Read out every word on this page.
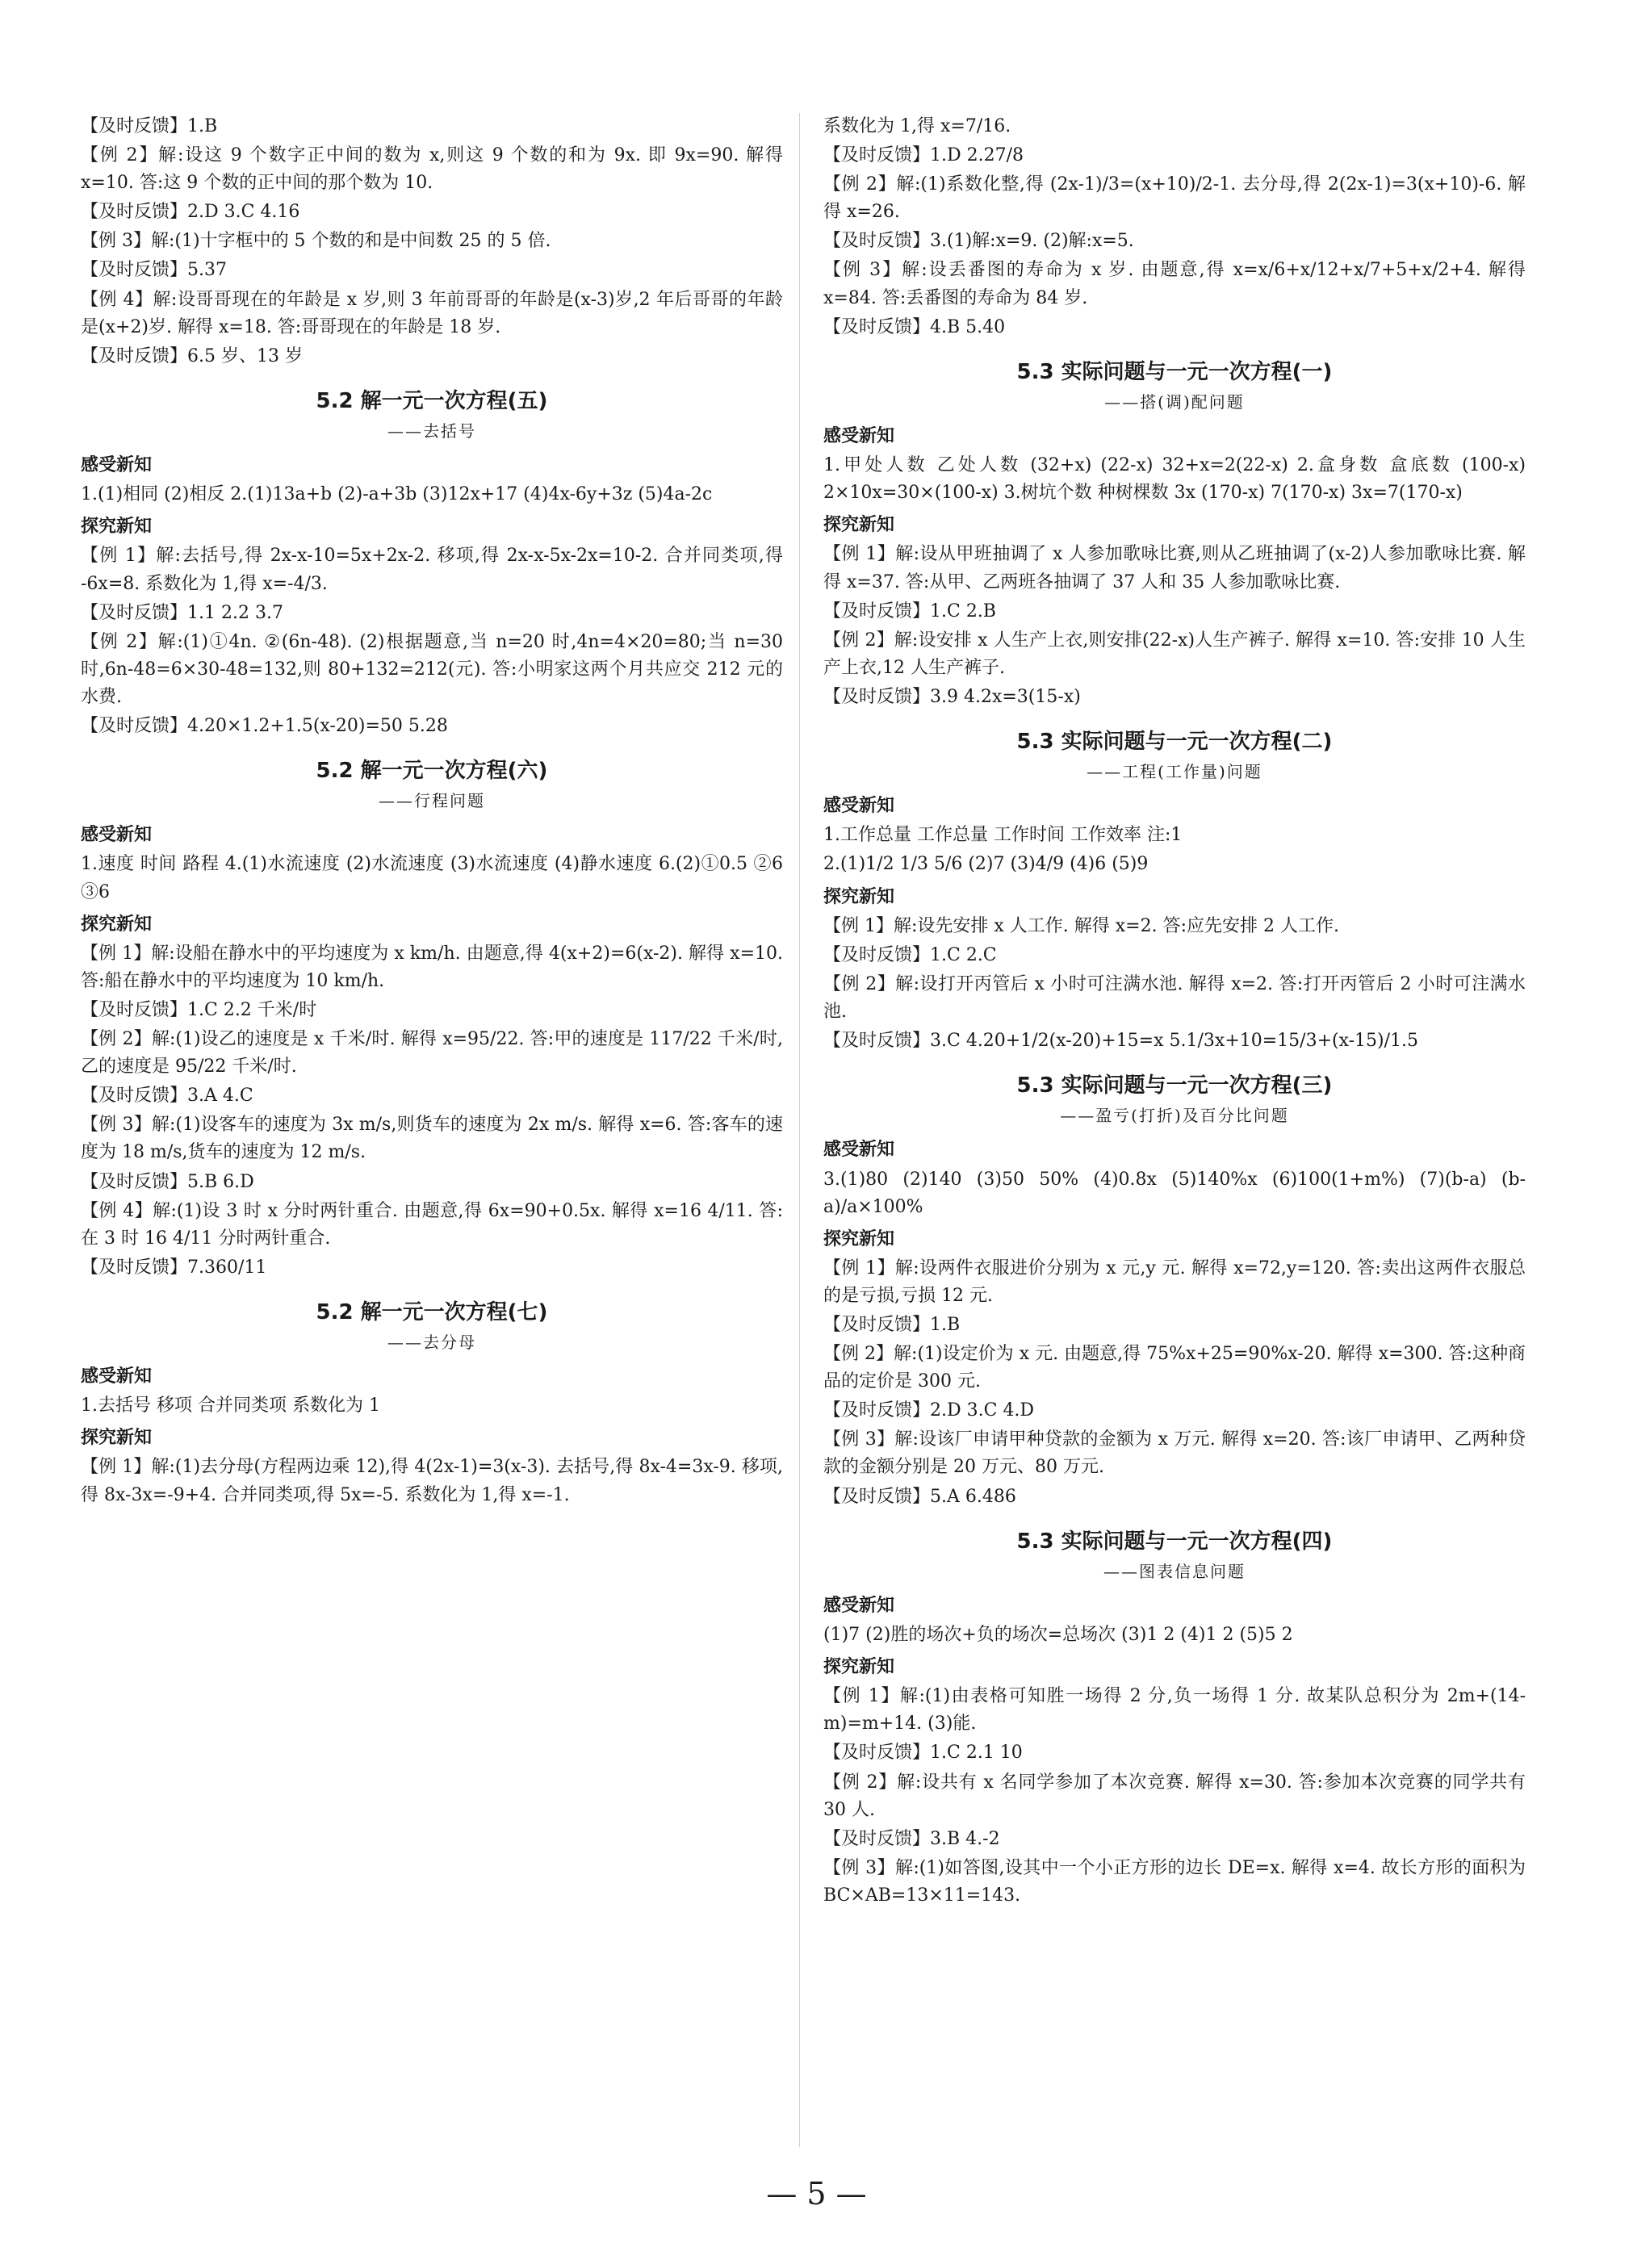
【及时反馈】1.B
【例 2】解:设这 9 个数字正中间的数为 x,则这 9 个数的和为 9x. 即 9x=90. 解得 x=10. 答:这 9 个数的正中间的那个数为 10.
【及时反馈】2.D 3.C 4.16
【例 3】解:(1)十字框中的 5 个数的和是中间数 25 的 5 倍.
【及时反馈】5.37
【例 4】解:设哥哥现在的年龄是 x 岁,则 3 年前哥哥的年龄是(x-3)岁,2 年后哥哥的年龄是(x+2)岁. 解得 x=18. 答:哥哥现在的年龄是 18 岁.
【及时反馈】6.5 岁、13 岁
5.2 解一元一次方程(五)
——去括号
感受新知
1.(1)相同 (2)相反 2.(1)13a+b (2)-a+3b (3)12x+17 (4)4x-6y+3z (5)4a-2c
探究新知
【例 1】解:去括号,得 2x-x-10=5x+2x-2. 移项,得 2x-x-5x-2x=10-2. 合并同类项,得 -6x=8. 系数化为 1,得 x=-4/3.
【及时反馈】1.1 2.2 3.7
【例 2】解:(1)①4n. ②(6n-48). (2)根据题意,当 n=20 时,4n=4×20=80;当 n=30 时,6n-48=6×30-48=132,则 80+132=212(元). 答:小明家这两个月共应交 212 元的水费.
【及时反馈】4.20×1.2+1.5(x-20)=50 5.28
5.2 解一元一次方程(六)
——行程问题
感受新知
1.速度 时间 路程 4.(1)水流速度 (2)水流速度 (3)水流速度 (4)静水速度 6.(2)①0.5 ②6 ③6
探究新知
【例 1】解:设船在静水中的平均速度为 x km/h. 由题意,得 4(x+2)=6(x-2). 解得 x=10. 答:船在静水中的平均速度为 10 km/h.
【及时反馈】1.C 2.2 千米/时
【例 2】解:(1)设乙的速度是 x 千米/时. 解得 x=95/22. 答:甲的速度是 117/22 千米/时,乙的速度是 95/22 千米/时.
【及时反馈】3.A 4.C
【例 3】解:(1)设客车的速度为 3x m/s,则货车的速度为 2x m/s. 解得 x=6. 答:客车的速度为 18 m/s,货车的速度为 12 m/s.
【及时反馈】5.B 6.D
【例 4】解:(1)设 3 时 x 分时两针重合. 由题意,得 6x=90+0.5x. 解得 x=16 4/11. 答:在 3 时 16 4/11 分时两针重合.
【及时反馈】7.360/11
5.2 解一元一次方程(七)
——去分母
感受新知
1.去括号 移项 合并同类项 系数化为 1
探究新知
【例 1】解:(1)去分母(方程两边乘 12),得 4(2x-1)=3(x-3). 去括号,得 8x-4=3x-9. 移项,得 8x-3x=-9+4. 合并同类项,得 5x=-5. 系数化为 1,得 x=-1.
系数化为 1,得 x=7/16.
【及时反馈】1.D 2.27/8
【例 2】解:(1)系数化整,得 (2x-1)/3=(x+10)/2-1. 去分母,得 2(2x-1)=3(x+10)-6. 解得 x=26.
【及时反馈】3.(1)解:x=9. (2)解:x=5.
【例 3】解:设丢番图的寿命为 x 岁. 由题意,得 x=x/6+x/12+x/7+5+x/2+4. 解得 x=84. 答:丢番图的寿命为 84 岁.
【及时反馈】4.B 5.40
5.3 实际问题与一元一次方程(一)
——搭(调)配问题
感受新知
1.甲处人数 乙处人数 (32+x) (22-x) 32+x=2(22-x) 2.盒身数 盒底数 (100-x) 2×10x=30×(100-x) 3.树坑个数 种树棵数 3x (170-x) 7(170-x) 3x=7(170-x)
探究新知
【例 1】解:设从甲班抽调了 x 人参加歌咏比赛,则从乙班抽调了(x-2)人参加歌咏比赛. 解得 x=37. 答:从甲、乙两班各抽调了 37 人和 35 人参加歌咏比赛.
【及时反馈】1.C 2.B
【例 2】解:设安排 x 人生产上衣,则安排(22-x)人生产裤子. 解得 x=10. 答:安排 10 人生产上衣,12 人生产裤子.
【及时反馈】3.9 4.2x=3(15-x)
5.3 实际问题与一元一次方程(二)
——工程(工作量)问题
感受新知
1.工作总量 工作总量 工作时间 工作效率 注:1
2.(1)1/2 1/3 5/6 (2)7 (3)4/9 (4)6 (5)9
探究新知
【例 1】解:设先安排 x 人工作. 解得 x=2. 答:应先安排 2 人工作.
【及时反馈】1.C 2.C
【例 2】解:设打开丙管后 x 小时可注满水池. 解得 x=2. 答:打开丙管后 2 小时可注满水池.
【及时反馈】3.C 4.20+1/2(x-20)+15=x 5.1/3x+10=15/3+(x-15)/1.5
5.3 实际问题与一元一次方程(三)
——盈亏(打折)及百分比问题
感受新知
3.(1)80 (2)140 (3)50 50% (4)0.8x (5)140%x (6)100(1+m%) (7)(b-a) (b-a)/a×100%
探究新知
【例 1】解:设两件衣服进价分别为 x 元,y 元. 解得 x=72,y=120. 答:卖出这两件衣服总的是亏损,亏损 12 元.
【及时反馈】1.B
【例 2】解:(1)设定价为 x 元. 由题意,得 75%x+25=90%x-20. 解得 x=300. 答:这种商品的定价是 300 元.
【及时反馈】2.D 3.C 4.D
【例 3】解:设该厂申请甲种贷款的金额为 x 万元. 解得 x=20. 答:该厂申请甲、乙两种贷款的金额分别是 20 万元、80 万元.
【及时反馈】5.A 6.486
5.3 实际问题与一元一次方程(四)
——图表信息问题
感受新知
(1)7 (2)胜的场次+负的场次=总场次 (3)1 2 (4)1 2 (5)5 2
探究新知
【例 1】解:(1)由表格可知胜一场得 2 分,负一场得 1 分. 故某队总积分为 2m+(14-m)=m+14. (3)能.
【及时反馈】1.C 2.1 10
【例 2】解:设共有 x 名同学参加了本次竞赛. 解得 x=30. 答:参加本次竞赛的同学共有 30 人.
【及时反馈】3.B 4.-2
【例 3】解:(1)如答图,设其中一个小正方形的边长 DE=x. 解得 x=4. 故长方形的面积为 BC×AB=13×11=143.
— 5 —
